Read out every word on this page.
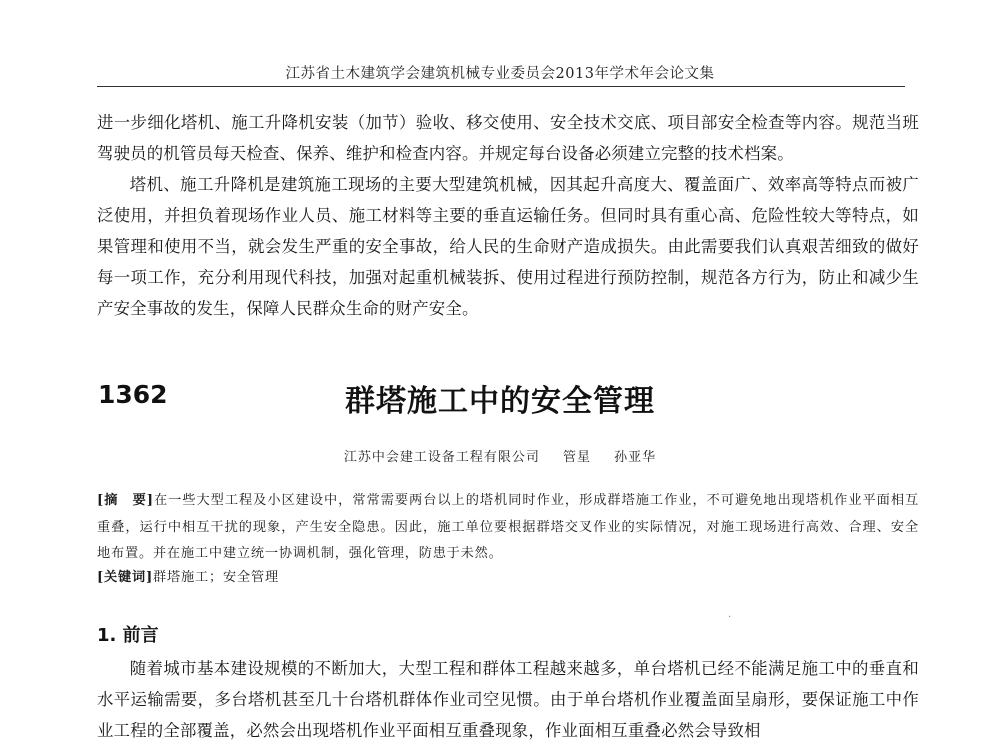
江苏省土木建筑学会建筑机械专业委员会2013年学术年会论文集

进一步细化塔机、施工升降机安装（加节）验收、移交使用、安全技术交底、项目部安全检查等内容。规范当班驾驶员的机管员每天检查、保养、维护和检查内容。并规定每台设备必须建立完整的技术档案。

塔机、施工升降机是建筑施工现场的主要大型建筑机械，因其起升高度大、覆盖面广、效率高等特点而被广泛使用，并担负着现场作业人员、施工材料等主要的垂直运输任务。但同时具有重心高、危险性较大等特点，如果管理和使用不当，就会发生严重的安全事故，给人民的生命财产造成损失。由此需要我们认真艰苦细致的做好每一项工作，充分利用现代科技，加强对起重机械装拆、使用过程进行预防控制，规范各方行为，防止和减少生产安全事故的发生，保障人民群众生命的财产安全。

1362	群塔施工中的安全管理
江苏中会建工设备工程有限公司 管星 孙亚华

[摘　要]在一些大型工程及小区建设中，常常需要两台以上的塔机同时作业，形成群塔施工作业，不可避免地出现塔机作业平面相互重叠，运行中相互干扰的现象，产生安全隐患。因此，施工单位要根据群塔交叉作业的实际情况，对施工现场进行高效、合理、安全地布置。并在施工中建立统一协调机制，强化管理，防患于未然。

[关键词]群塔施工；安全管理
·
1. 前言

随着城市基本建设规模的不断加大，大型工程和群体工程越来越多，单台塔机已经不能满足施工中的垂直和水平运输需要，多台塔机甚至几十台塔机群体作业司空见惯。由于单台塔机作业覆盖面呈扇形，要保证施工中作业工程的全部覆盖，必然会出现塔机作业平面相互重叠现象，作业面相互重叠必然会导致相
